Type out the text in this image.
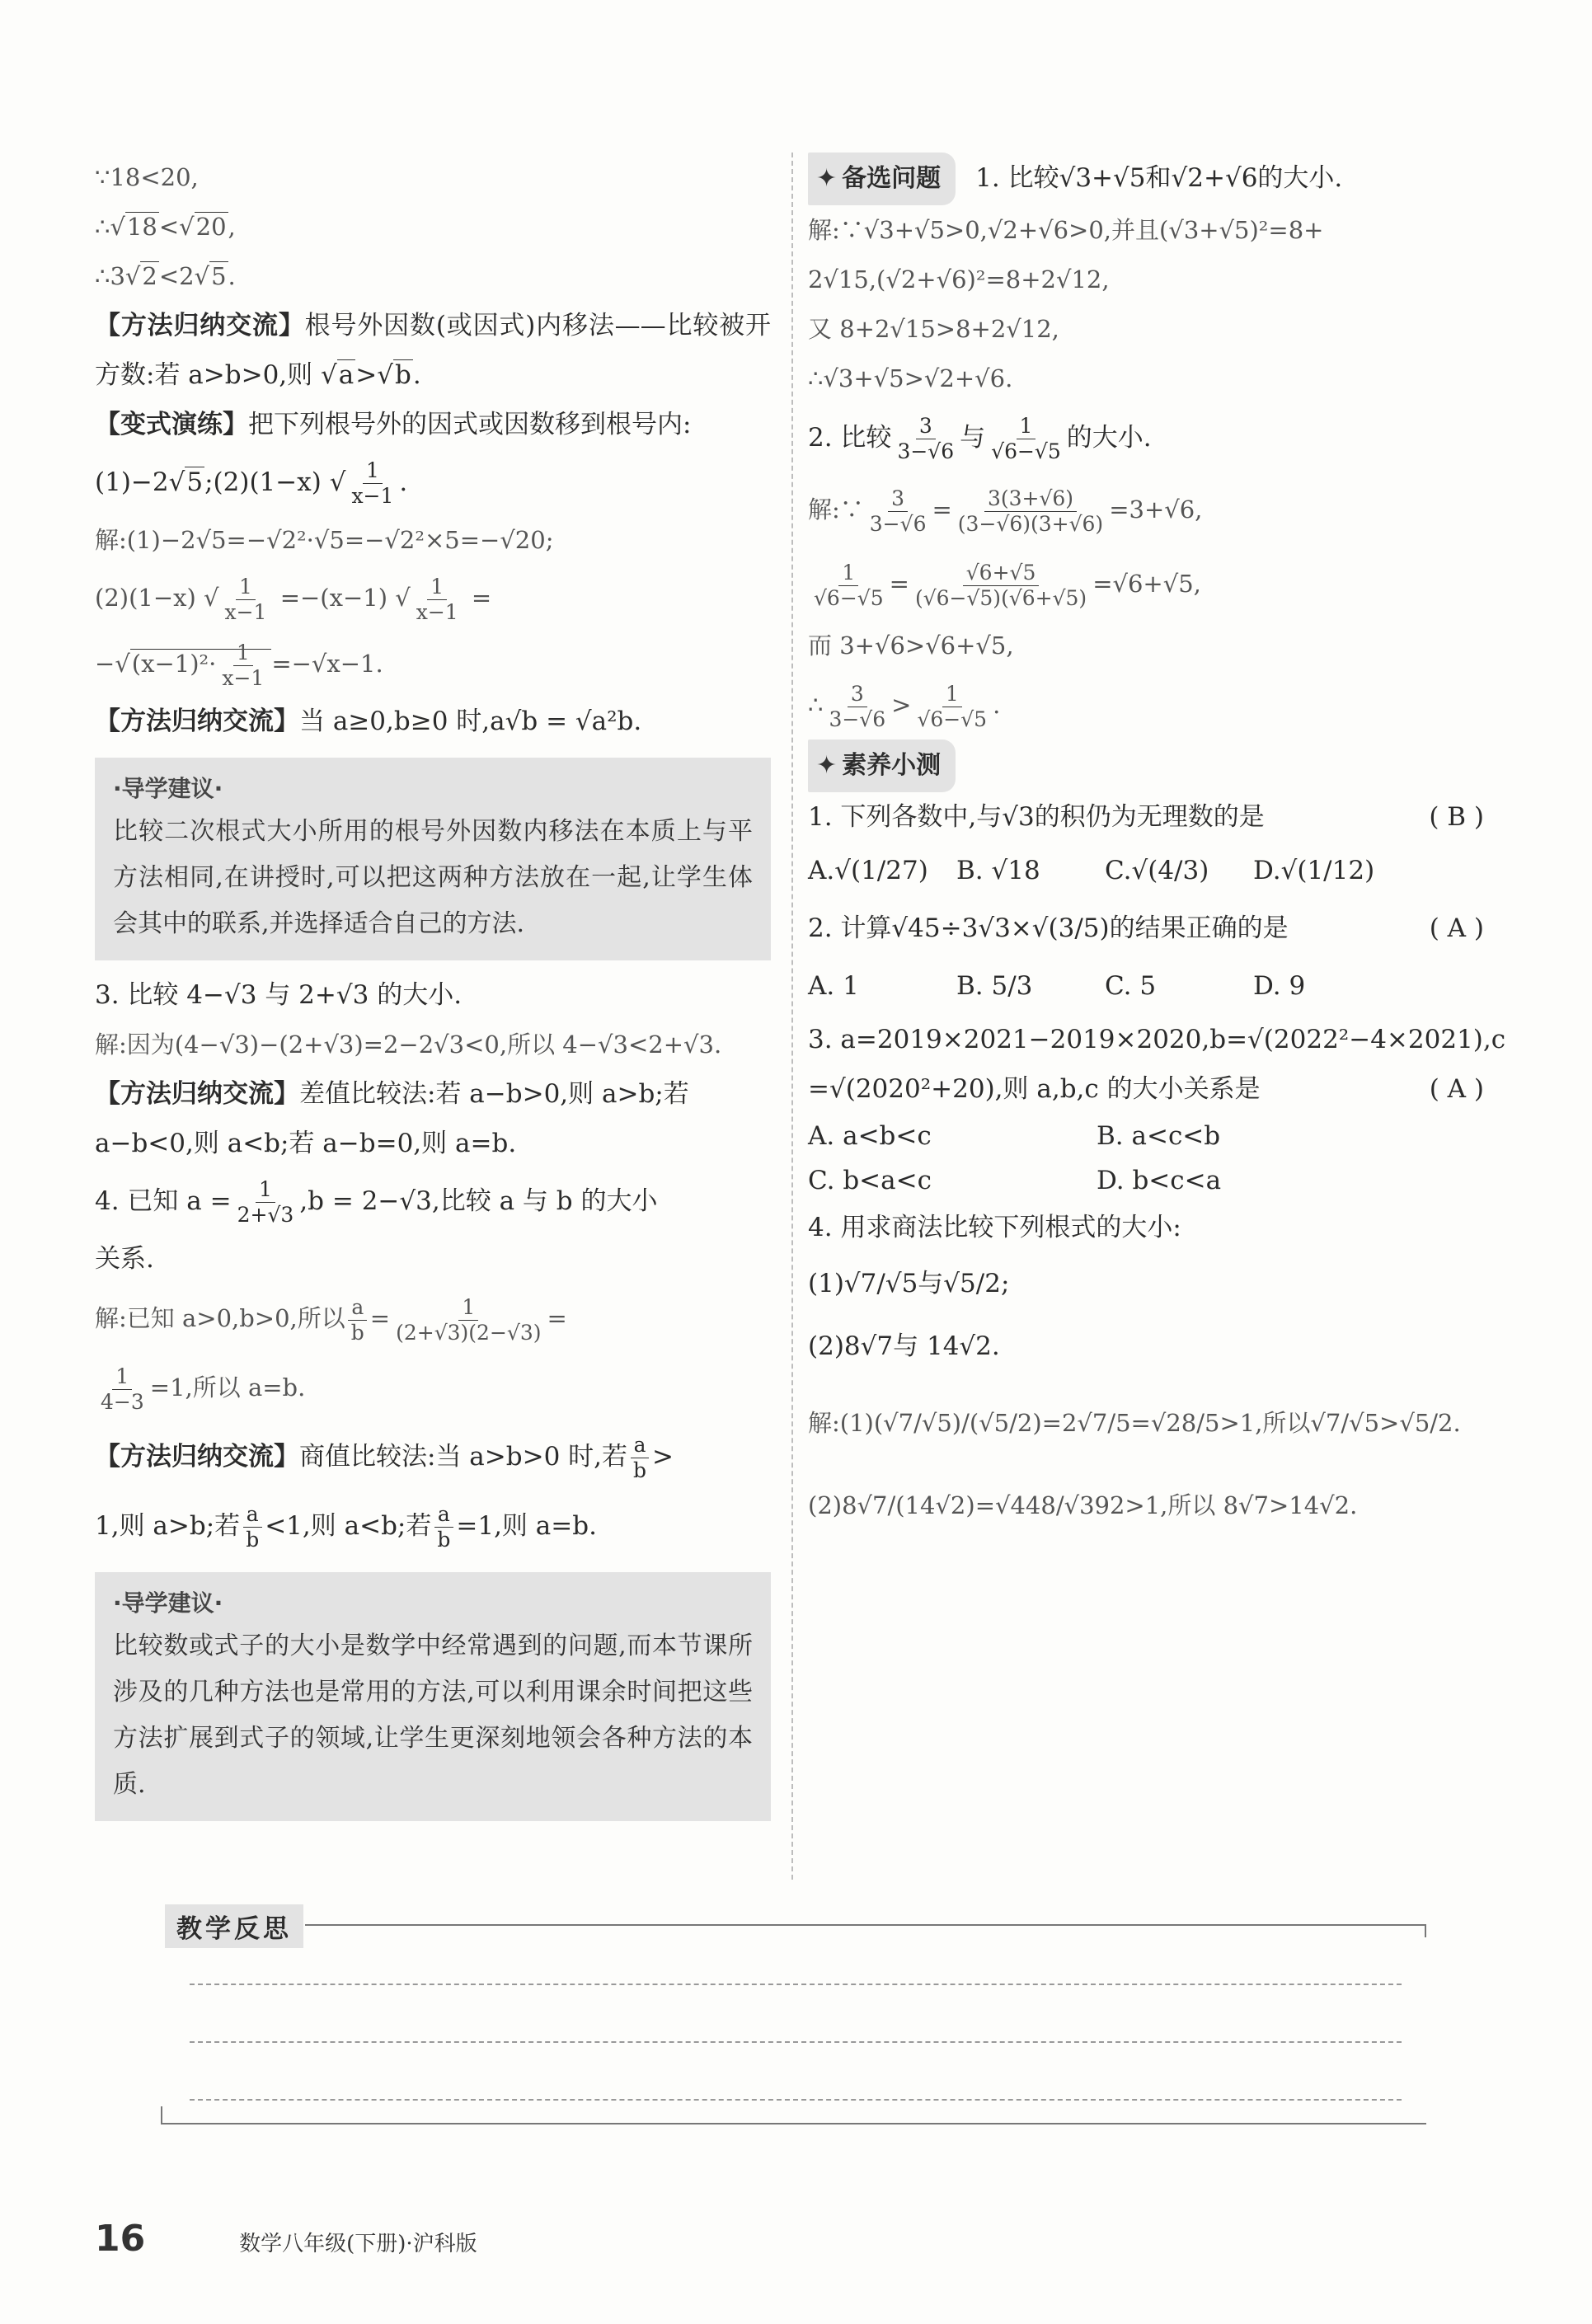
∵18<20,

∴√18<√20,

∴3√2<2√5.

【方法归纳交流】根号外因数(或因式)内移法——比较被开方数:若 a>b>0,则 √a>√b.

【变式演练】把下列根号外的因式或因数移到根号内:

(1)−2√5;(2)(1−x) √ $\frac{1}{x-1}$ .

解:(1)−2√5=−√2²·√5=−√2²×5=−√20;

(2)(1−x) √ $\frac{1}{x-1} =-(x-1)$ √ $\frac{1}{x-1}$ =

$-√(x-1)^2\cdot \frac{1}{x-1} =-√x-1$.

【方法归纳交流】当 a≥0,b≥0 时,a√b = √a²b.

·导学建议·
比较二次根式大小所用的根号外因数内移法在本质上与平方法相同,在讲授时,可以把这两种方法放在一起,让学生体会其中的联系,并选择适合自己的方法.

3. 比较 4−√3 与 2+√3 的大小.

解:因为(4−√3)−(2+√3)=2−2√3<0,所以 4−√3<2+√3.

【方法归纳交流】差值比较法:若 a−b>0,则 a>b;若 a−b<0,则 a<b;若 a−b=0,则 a=b.

4. 已知 $a = \frac{1}{2+√3} ,b = 2-√3$,比较 a 与 b 的大小

关系.

解:已知 a>0,b>0,所以 $\frac{a}{b} = \frac{1}{(2+√3)(2-√3)}$ =

$\frac{1}{4-3} =1$,所以 a=b.

【方法归纳交流】商值比较法:当 a>b>0 时,若 $\frac{a}{b}$ >

1,则 a>b;若 $\frac{a}{b} <1$,则 a<b;若 $\frac{a}{b} =1$,则 a=b.

·导学建议·
比较数或式子的大小是数学中经常遇到的问题,而本节课所涉及的几种方法也是常用的方法,可以利用课余时间把这些方法扩展到式子的领域,让学生更深刻地领会各种方法的本质.

✦ 备选问题 1. 比较√3+√5和√2+√6的大小.

解:∵√3+√5>0,√2+√6>0,并且(√3+√5)²=8+

2√15,(√2+√6)²=8+2√12,

又 8+2√15>8+2√12,

∴√3+√5>√2+√6.

2. 比较 $\frac{3}{3-√6}$ 与 $\frac{1}{√6-√5}$ 的大小.

解:∵ $\frac{3}{3-√6} = \frac{3(3+√6)}{(3-√6)(3+√6)} =3+√6$,

$\frac{1}{√6-√5} = \frac{√6+√5}{(√6-√5)(√6+√5)} =√6+√5$,

而 3+√6>√6+√5,

∴ $\frac{3}{3-√6} > \frac{1}{√6-√5}$ .

✦ 素养小测

1. 下列各数中,与√3的积仍为无理数的是	( B )

A.√(1/27)	B. √18	C.√(4/3)	D.√(1/12)

2. 计算√45÷3√3×√(3/5)的结果正确的是	( A )

A. 1	B. 5/3	C. 5	D. 9

3. a=2019×2021−2019×2020,b=√(2022²−4×2021),c

=√(2020²+20),则 a,b,c 的大小关系是	( A )

A. a<b<c	B. a<c<b
C. b<a<c	D. b<c<a

4. 用求商法比较下列根式的大小:

(1)√7/√5与√5/2;

(2)8√7与 14√2.

解:(1)(√7/√5)/(√5/2)=2√7/5=√28/5>1,所以√7/√5>√5/2.

(2)8√7/(14√2)=√448/√392>1,所以 8√7>14√2.

教学反思
16	数学八年级(下册)·沪科版
